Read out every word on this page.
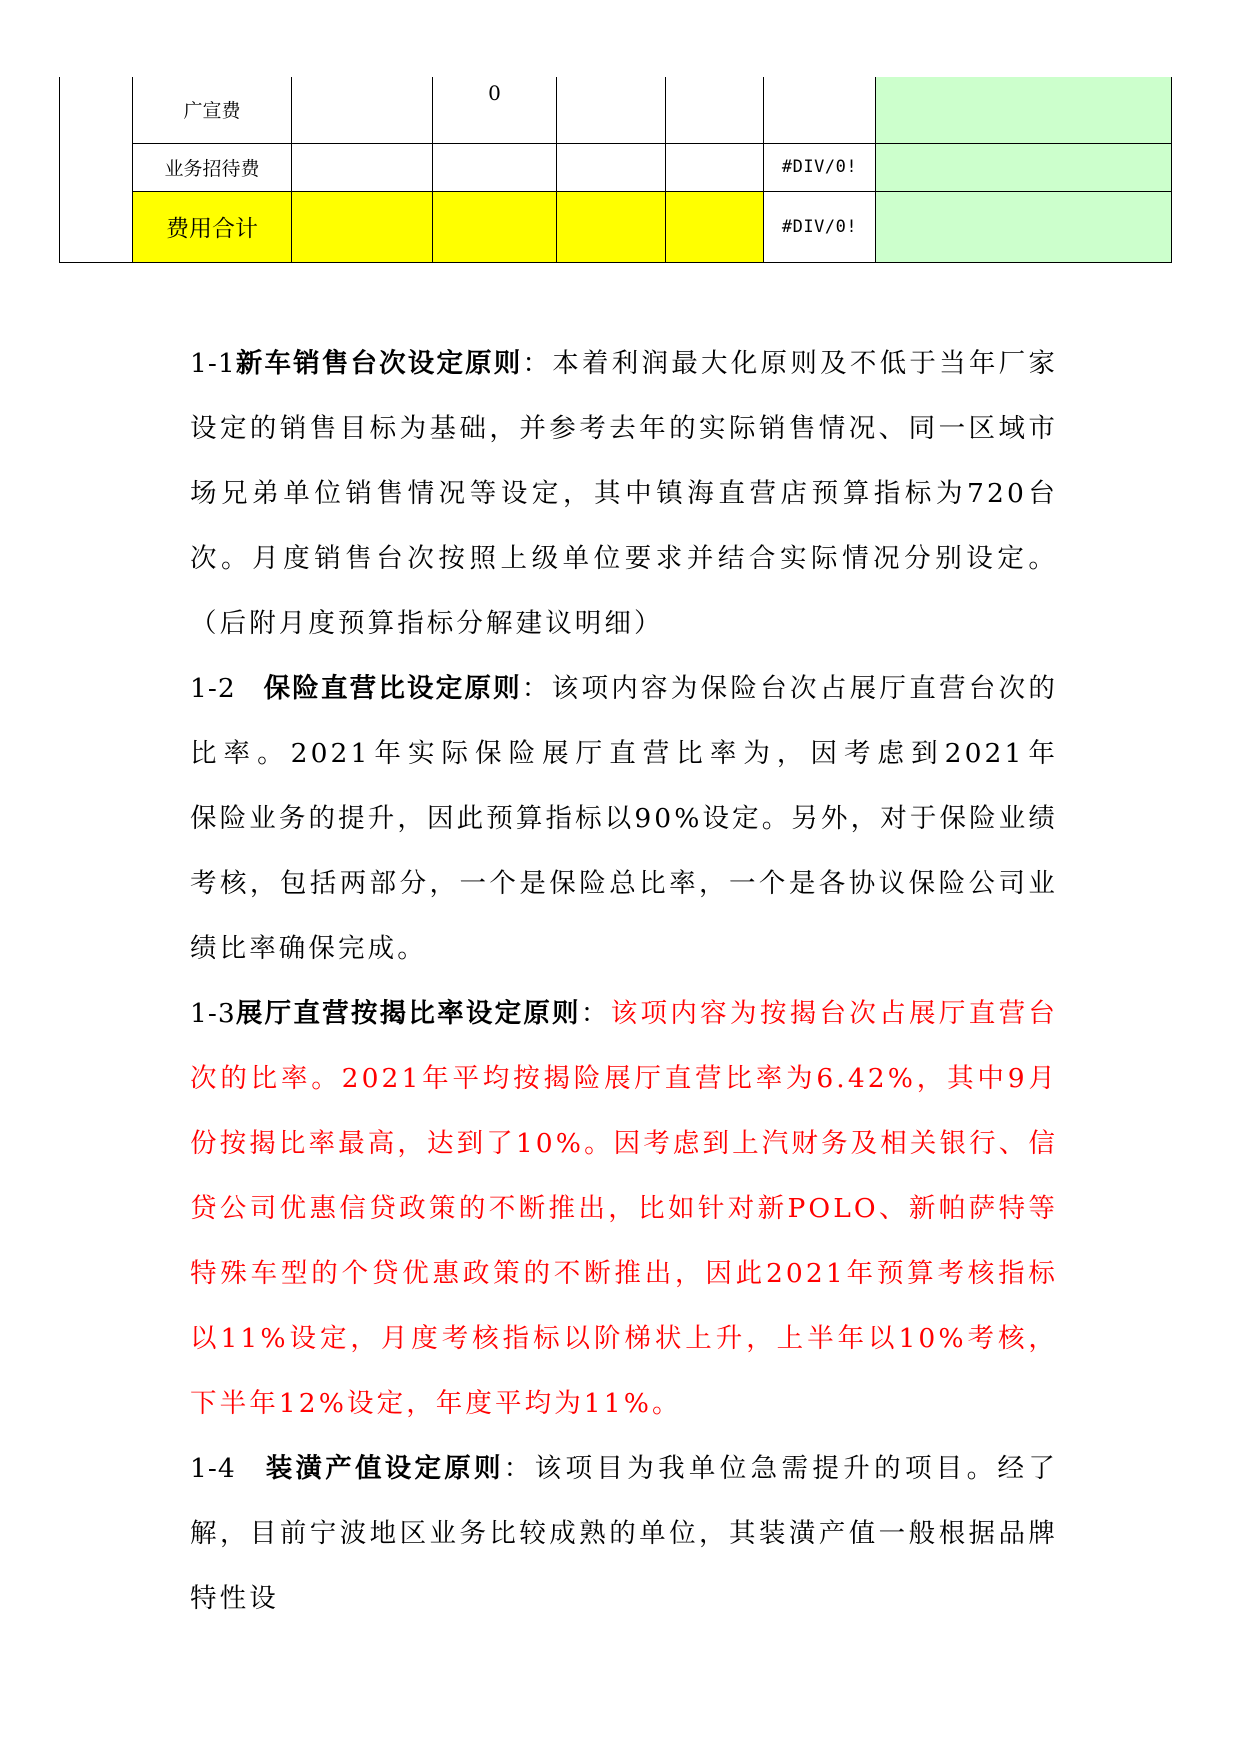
	广宣费		0				

	业务招待费					#DIV/0!	
	费用合计					#DIV/0!	
1-1新车销售台次设定原则：本着利润最大化原则及不低于当年厂家设定的销售目标为基础，并参考去年的实际销售情况、同一区域市场兄弟单位销售情况等设定，其中镇海直营店预算指标为720台次。月度销售台次按照上级单位要求并结合实际情况分别设定。（后附月度预算指标分解建议明细）
1-2　保险直营比设定原则：该项内容为保险台次占展厅直营台次的比率。2021年实际保险展厅直营比率为，因考虑到2021年　　保险业务的提升，因此预算指标以90%设定。另外，对于保险业绩考核，包括两部分，一个是保险总比率，一个是各协议保险公司业绩比率确保完成。
1-3展厅直营按揭比率设定原则：该项内容为按揭台次占展厅直营台次的比率。2021年平均按揭险展厅直营比率为6.42%，其中9月份按揭比率最高，达到了10%。因考虑到上汽财务及相关银行、信贷公司优惠信贷政策的不断推出，比如针对新POLO、新帕萨特等特殊车型的个贷优惠政策的不断推出，因此2021年预算考核指标以11%设定，月度考核指标以阶梯状上升，上半年以10%考核，下半年12%设定，年度平均为11%。
1-4　装潢产值设定原则：该项目为我单位急需提升的项目。经了解，目前宁波地区业务比较成熟的单位，其装潢产值一般根据品牌特性设
